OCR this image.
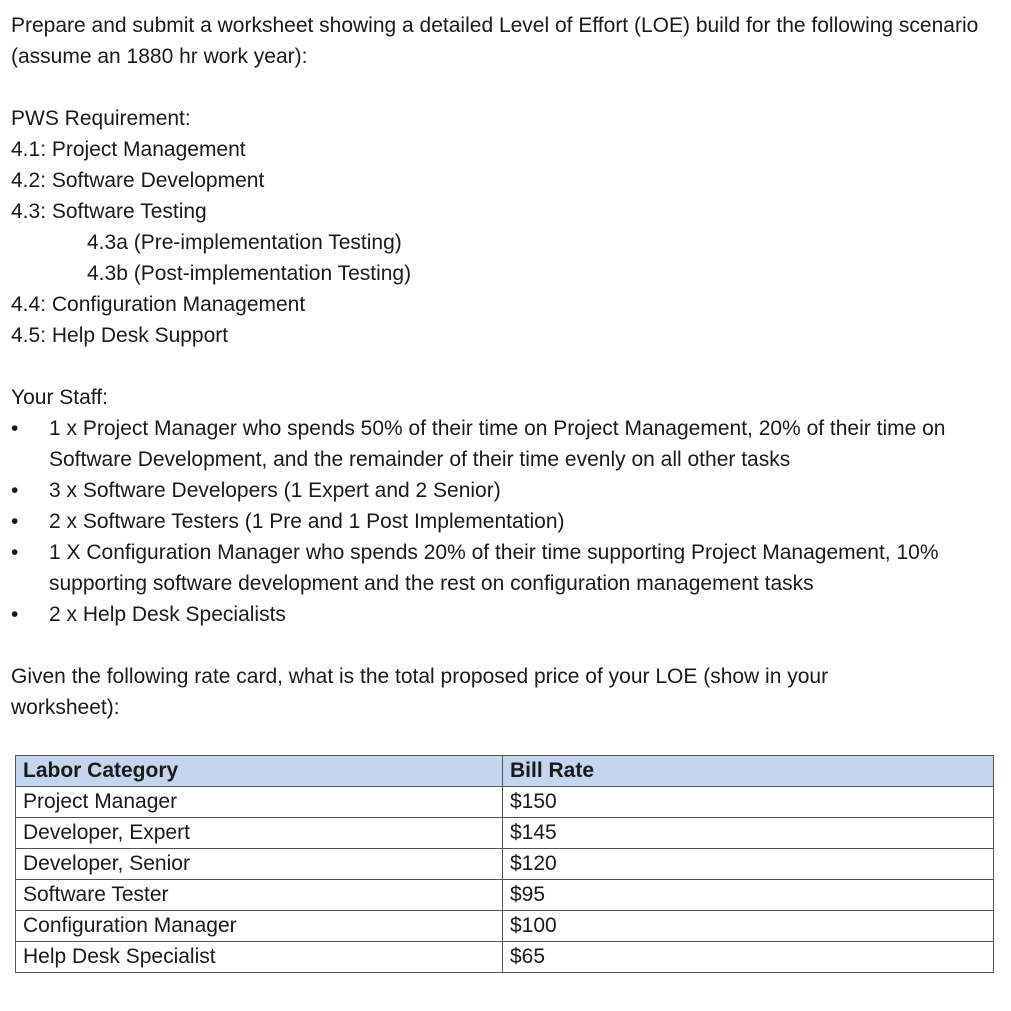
Prepare and submit a worksheet showing a detailed Level of Effort (LOE) build for the following scenario (assume an 1880 hr work year):

PWS Requirement:

4.1: Project Management

4.2: Software Development

4.3: Software Testing

4.3a (Pre-implementation Testing)

4.3b (Post-implementation Testing)

4.4: Configuration Management

4.5: Help Desk Support

Your Staff:

• 1 x Project Manager who spends 50% of their time on Project Management, 20% of their time on Software Development, and the remainder of their time evenly on all other tasks
• 3 x Software Developers (1 Expert and 2 Senior)
• 2 x Software Testers (1 Pre and 1 Post Implementation)
• 1 X Configuration Manager who spends 20% of their time supporting Project Management, 10% supporting software development and the rest on configuration management tasks
• 2 x Help Desk Specialists

Given the following rate card, what is the total proposed price of your LOE (show in your worksheet):

Labor Category	Bill Rate
Project Manager	$150
Developer, Expert	$145
Developer, Senior	$120
Software Tester	$95
Configuration Manager	$100
Help Desk Specialist	$65
